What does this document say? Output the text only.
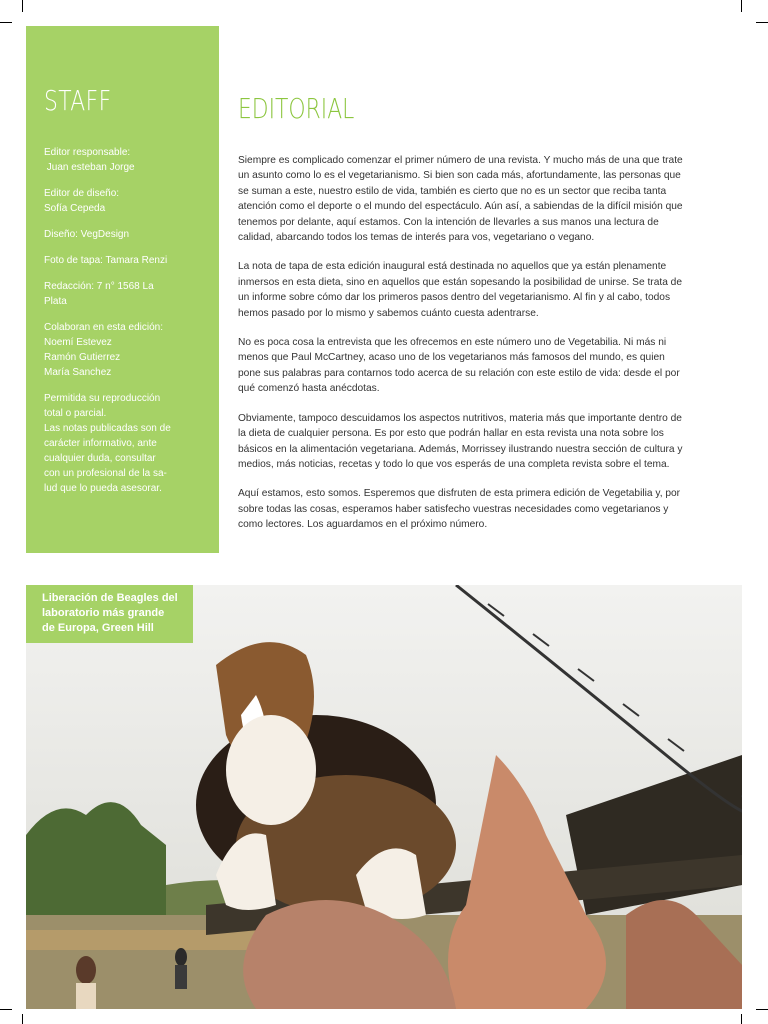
STAFF
Editor responsable:
Juan esteban Jorge
Editor de diseño:
Sofía Cepeda
Diseño: VegDesign
Foto de tapa: Tamara Renzi
Redacción: 7 n° 1568 La
Plata
Colaboran en esta edición:
Noemí Estevez
Ramón Gutierrez
María Sanchez
Permitida su reproducción
total o parcial.
Las notas publicadas son de
carácter informativo, ante
cualquier duda, consultar
con un profesional de la sa-
lud que lo pueda asesorar.
EDITORIAL

Siempre es complicado comenzar el primer número de una revista. Y mucho más de una que trate un asunto como lo es el vegetarianismo. Si bien son cada más, afortundamente, las personas que se suman a este, nuestro estilo de vida, también es cierto que no es un sector que reciba tanta atención como el deporte o el mundo del espectáculo. Aún así, a sabiendas de la difícil misión que tenemos por delante, aquí estamos. Con la intención de llevarles a sus manos una lectura de calidad, abarcando todos los temas de interés para vos, vegetariano o vegano.

La nota de tapa de esta edición inaugural está destinada no aquellos que ya están plenamente inmersos en esta dieta, sino en aquellos que están sopesando la posibilidad de unirse. Se trata de un informe sobre cómo dar los primeros pasos dentro del vegetarianismo. Al fin y al cabo, todos hemos pasado por lo mismo y sabemos cuánto cuesta adentrarse.

No es poca cosa la entrevista que les ofrecemos en este número uno de Vegetabilia. Ni más ni menos que Paul McCartney, acaso uno de los vegetarianos más famosos del mundo, es quien pone sus palabras para contarnos todo acerca de su relación con este estilo de vida: desde el por qué comenzó hasta anécdotas.

Obviamente, tampoco descuidamos los aspectos nutritivos, materia más que importante dentro de la dieta de cualquier persona. Es por esto que podrán hallar en esta revista una nota sobre los básicos en la alimentación vegetariana. Además, Morrissey ilustrando nuestra sección de cultura y medios, más noticias, recetas y todo lo que vos esperás de una completa revista sobre el tema.

Aquí estamos, esto somos. Esperemos que disfruten de esta primera edición de Vegetabilia y, por sobre todas las cosas, esperamos haber satisfecho vuestras necesidades como vegetarianos y como lectores. Los aguardamos en el próximo número.

Liberación de Beagles del
laboratorio más grande
de Europa, Green Hill
